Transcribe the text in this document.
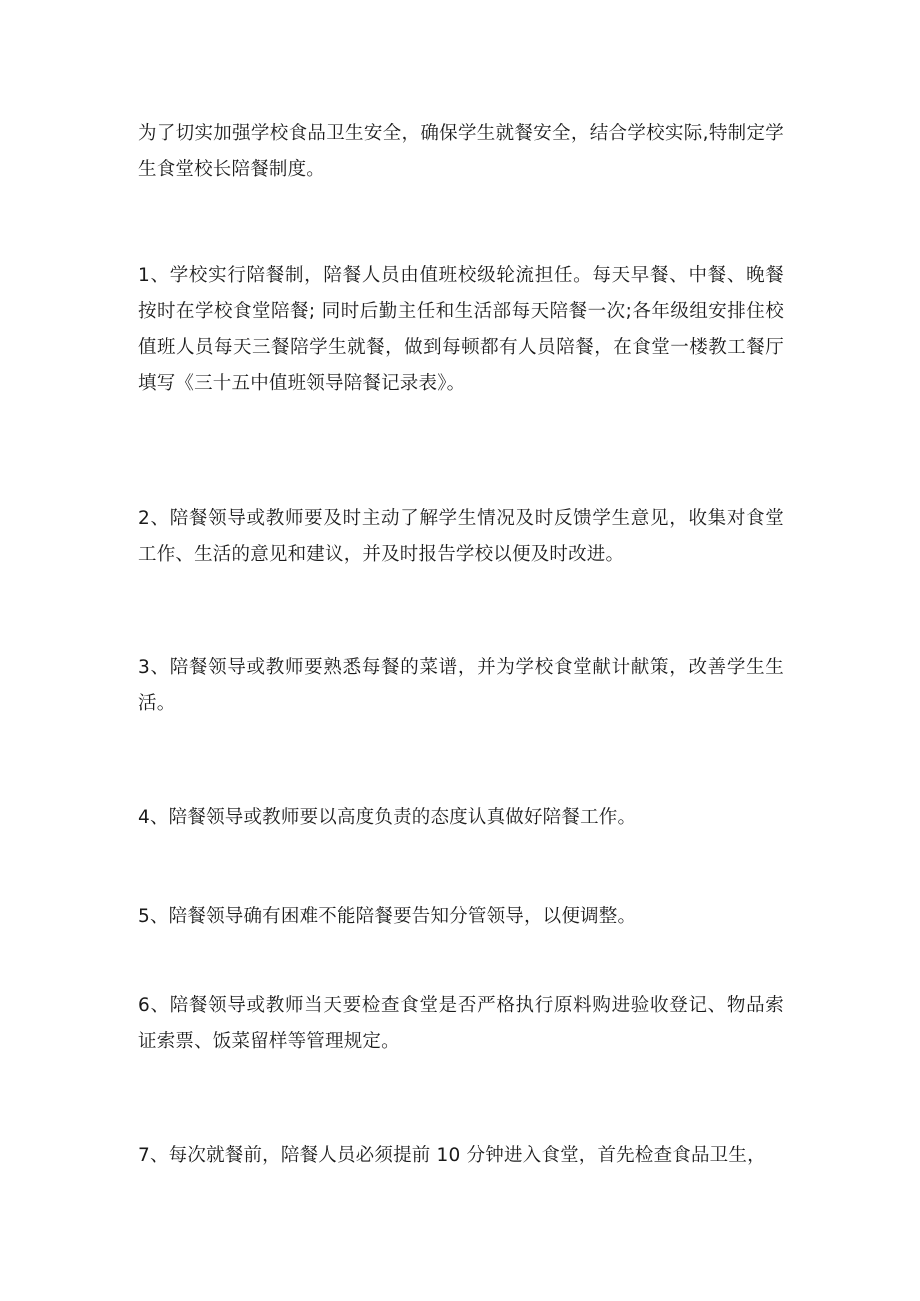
为了切实加强学校食品卫生安全，确保学生就餐安全，结合学校实际,特制定学生食堂校长陪餐制度。

1、学校实行陪餐制，陪餐人员由值班校级轮流担任。每天早餐、中餐、晚餐按时在学校食堂陪餐; 同时后勤主任和生活部每天陪餐一次;各年级组安排住校值班人员每天三餐陪学生就餐，做到每顿都有人员陪餐，在食堂一楼教工餐厅填写《三十五中值班领导陪餐记录表》。

2、陪餐领导或教师要及时主动了解学生情况及时反馈学生意见，收集对食堂工作、生活的意见和建议，并及时报告学校以便及时改进。

3、陪餐领导或教师要熟悉每餐的菜谱，并为学校食堂献计献策，改善学生生活。

4、陪餐领导或教师要以高度负责的态度认真做好陪餐工作。

5、陪餐领导确有困难不能陪餐要告知分管领导，以便调整。

6、陪餐领导或教师当天要检查食堂是否严格执行原料购进验收登记、物品索证索票、饭菜留样等管理规定。

7、每次就餐前，陪餐人员必须提前 10 分钟进入食堂，首先检查食品卫生，
